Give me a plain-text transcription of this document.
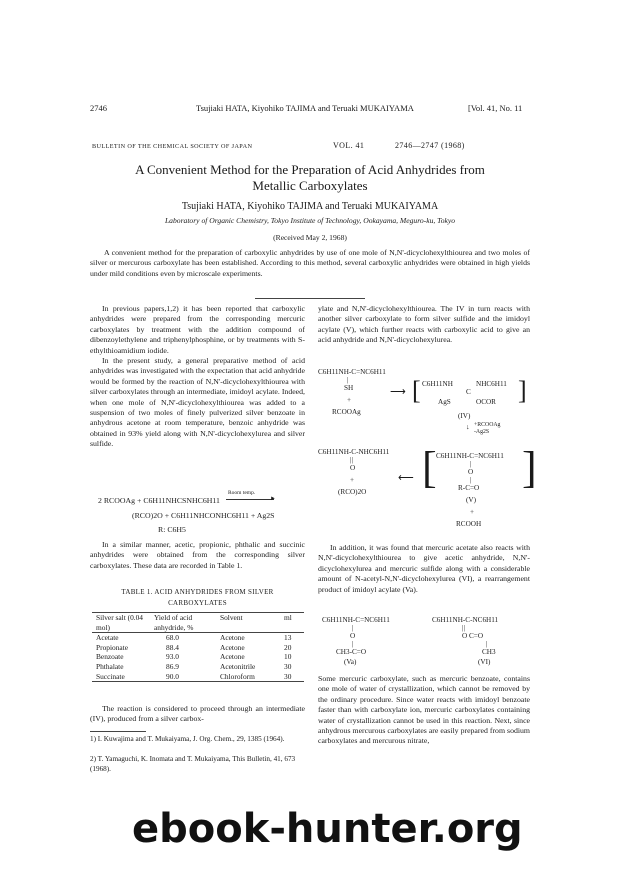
2746	Tsujiaki HATA, Kiyohiko TAJIMA and Teruaki MUKAIYAMA	[Vol. 41, No. 11
BULLETIN OF THE CHEMICAL SOCIETY OF JAPAN	VOL. 41	2746—2747 (1968)
A Convenient Method for the Preparation of Acid Anhydrides from
Metallic Carboxylates
Tsujiaki HATA, Kiyohiko TAJIMA and Teruaki MUKAIYAMA
Laboratory of Organic Chemistry, Tokyo Institute of Technology, Ookayama, Meguro-ku, Tokyo
(Received May 2, 1968)
A convenient method for the preparation of carboxylic anhydrides by use of one mole of N,N'-dicyclohexylthiourea and two moles of silver or mercurous carboxylate has been established. According to this method, several carboxylic anhydrides were obtained in high yields under mild conditions even by microscale experiments.

In previous papers,1,2) it has been reported that carboxylic anhydrides were prepared from the corresponding mercuric carboxylates by treatment with the addition compound of dibenzoylethylene and triphenylphosphine, or by treatments with S-ethylthioamidium iodide.

In the present study, a general preparative method of acid anhydrides was investigated with the expectation that acid anhydride would be formed by the reaction of N,N'-dicyclohexylthiourea with silver carboxylates through an intermediate, imidoyl acylate. Indeed, when one mole of N,N'-dicyclohexylthiourea was added to a suspension of two moles of finely pulverized silver benzoate in anhydrous acetone at room temperature, benzoic anhydride was obtained in 93% yield along with N,N'-dicyclohexylurea and silver sulfide.

2 RCOOAg + C6H11NHCSNHC6H11
Room temp.
►
(RCO)2O + C6H11NHCONHC6H11 + Ag2S
R: C6H5

In a similar manner, acetic, propionic, phthalic and succinic anhydrides were obtained from the corresponding silver carboxylates. These data are recorded in Table 1.

TABLE 1. ACID ANHYDRIDES FROM SILVER
CARBOXYLATES
Silver salt (0.04 mol)	Yield of acid anhydride, %	Solvent	ml
Acetate	68.0	Acetone	13
Propionate	88.4	Acetone	20
Benzoate	93.0	Acetone	10
Phthalate	86.9	Acetonitrile	30
Succinate	90.0	Chloroform	30

The reaction is considered to proceed through an intermediate (IV), produced from a silver carbox-

1) I. Kuwajima and T. Mukaiyama, J. Org. Chem., 29, 1385 (1964).
2) T. Yamaguchi, K. Inomata and T. Mukaiyama, This Bulletin, 41, 673 (1968).

ylate and N,N'-dicyclohexylthiourea. The IV in turn reacts with another silver carboxylate to form silver sulfide and the imidoyl acylate (V), which further reacts with carboxylic acid to give an acid anhydride and N,N'-dicyclohexylurea.

C6H11NH-C=NC6H11
|
SH
+
RCOOAg
⟶ [ C6H11NH	NHC6H11
C
AgS	OCOR ]
(IV)
↓ +RCOOAg
-Ag2S
C6H11NH-C-NHC6H11
||
O
+
(RCO)2O
⟵ [ C6H11NH-C=NC6H11
|
O
|
R-C=O ]
(V)
+
RCOOH

In addition, it was found that mercuric acetate also reacts with N,N'-dicyclohexylthiourea to give acetic anhydride, N,N'-dicyclohexylurea and mercuric sulfide along with a considerable amount of N-acetyl-N,N'-dicyclohexylurea (VI), a rearrangement product of imidoyl acylate (Va).

C6H11NH-C=NC6H11
|
O
|
CH3-C=O
(Va)
C6H11NH-C-NC6H11
||
O C=O
|
CH3
(VI)

Some mercuric carboxylate, such as mercuric benzoate, contains one mole of water of crystallization, which cannot be removed by the ordinary procedure. Since water reacts with imidoyl benzoate faster than with carboxylate ion, mercuric carboxylates containing water of crystallization cannot be used in this reaction. Next, since anhydrous mercurous carboxylates are easily prepared from sodium carboxylates and mercurous nitrate,

ebook-hunter.org
